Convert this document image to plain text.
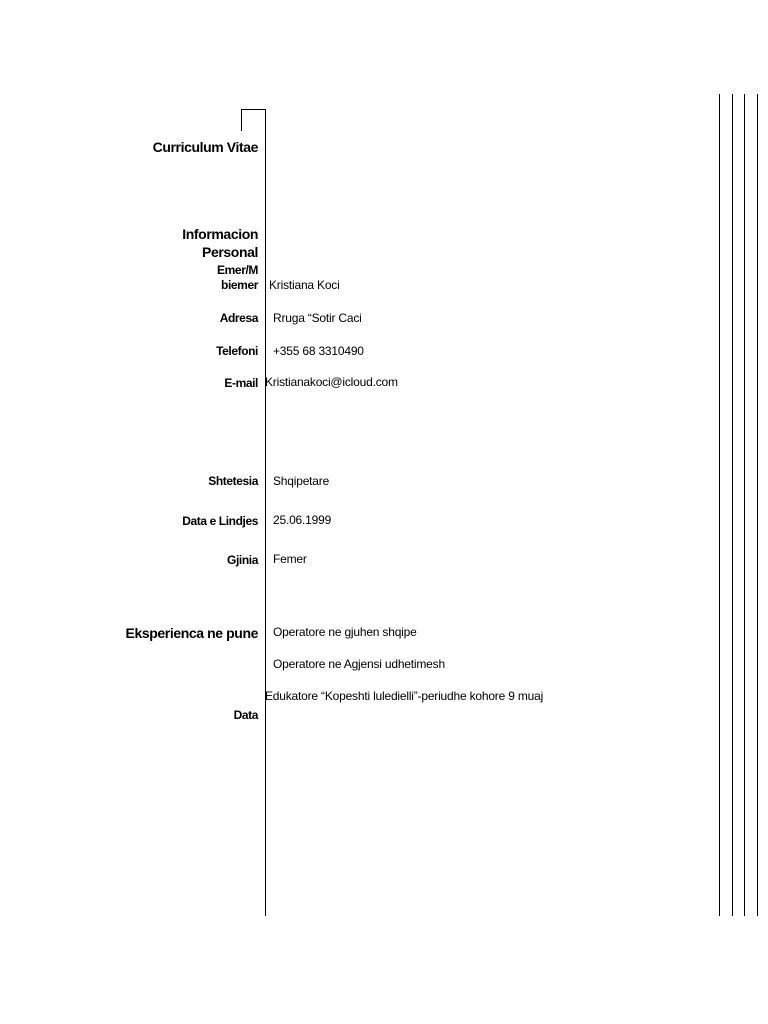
Curriculum Vitae
Informacion
Personal
Emer/M
biemer Kristiana Koci
Adresa Rruga “Sotir Caci
Telefoni +355 68 3310490
E-mail Kristianakoci@icloud.com
Shtetesia Shqipetare
Data e Lindjes 25.06.1999
Gjinia Femer
Eksperienca ne pune Operatore ne gjuhen shqipe
Operatore ne Agjensi udhetimesh
Edukatore “Kopeshti luledielli”-periudhe kohore 9 muaj
Data
